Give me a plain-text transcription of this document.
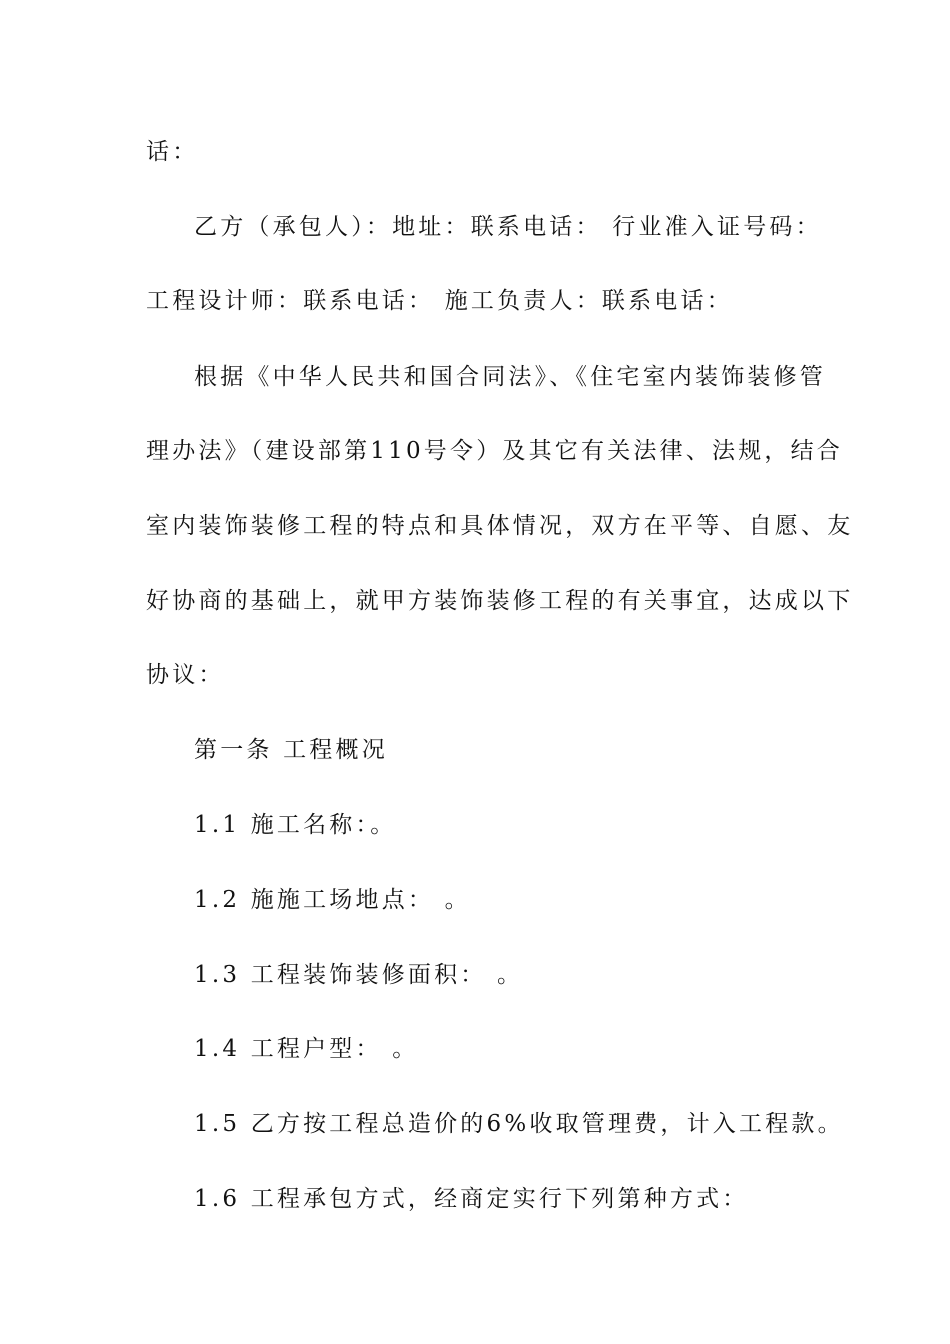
话：
乙方（承包人）：地址：联系电话： 行业准入证号码：
工程设计师：联系电话： 施工负责人：联系电话：
根据《中华人民共和国合同法》、《住宅室内装饰装修管
理办法》（建设部第110号令）及其它有关法律、法规，结合
室内装饰装修工程的特点和具体情况，双方在平等、自愿、友
好协商的基础上，就甲方装饰装修工程的有关事宜，达成以下
协议：
第一条 工程概况
1.1 施工名称：。
1.2 施施工场地点： 。
1.3 工程装饰装修面积： 。
1.4 工程户型： 。
1.5 乙方按工程总造价的6%收取管理费，计入工程款。
1.6 工程承包方式，经商定实行下列第种方式：
